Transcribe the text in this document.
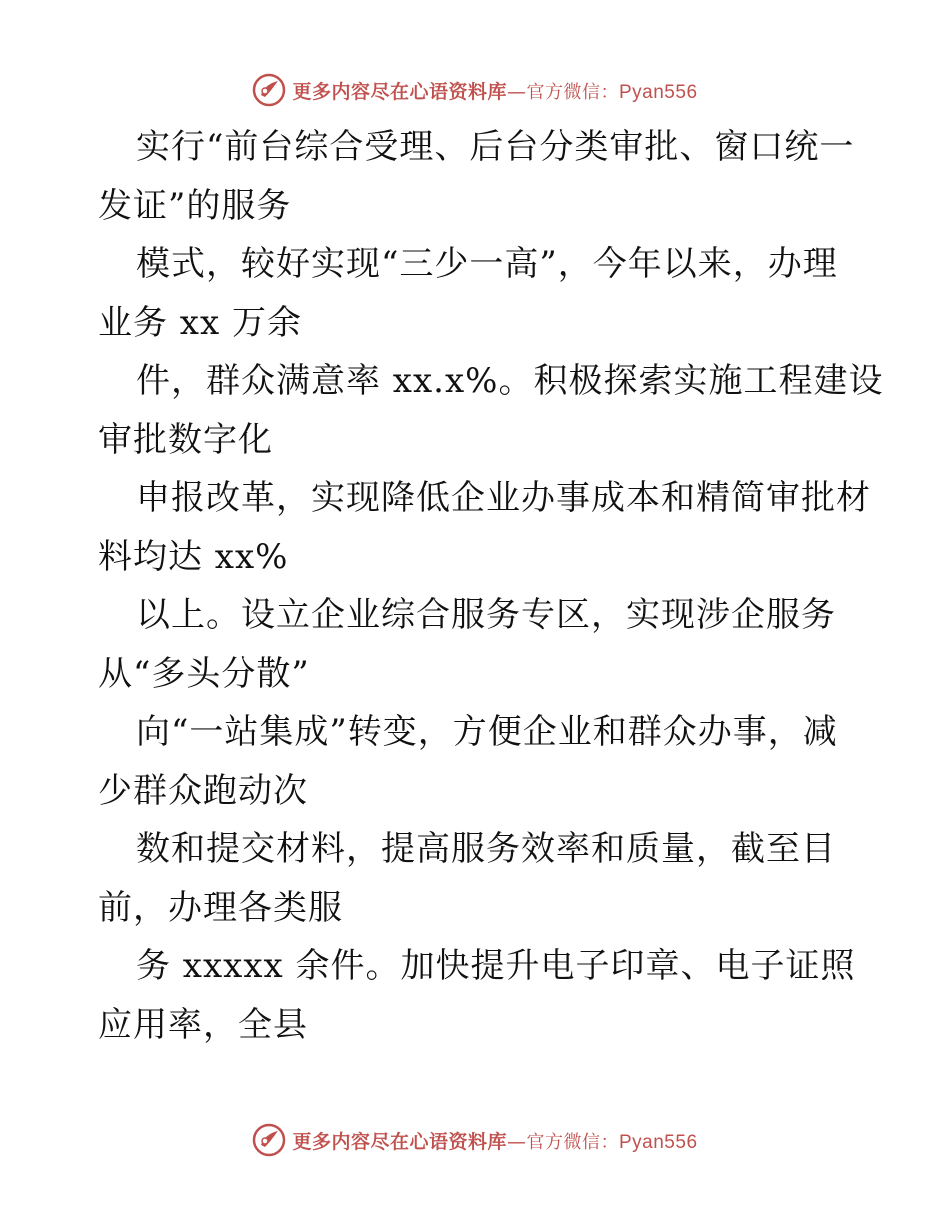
更多内容尽在心语资料库 — 官方微信： Pyan556
实行“前台综合受理、后台分类审批、窗口统一
发证”的服务
模式，较好实现“三少一高”，今年以来，办理
业务 xx 万余
件，群众满意率 xx.x%。积极探索实施工程建设
审批数字化
申报改革，实现降低企业办事成本和精简审批材
料均达 xx%
以上。设立企业综合服务专区，实现涉企服务
从“多头分散”
向“一站集成”转变，方便企业和群众办事，减
少群众跑动次
数和提交材料，提高服务效率和质量，截至目
前，办理各类服
务 xxxxx 余件。加快提升电子印章、电子证照
应用率，全县
更多内容尽在心语资料库 — 官方微信： Pyan556
